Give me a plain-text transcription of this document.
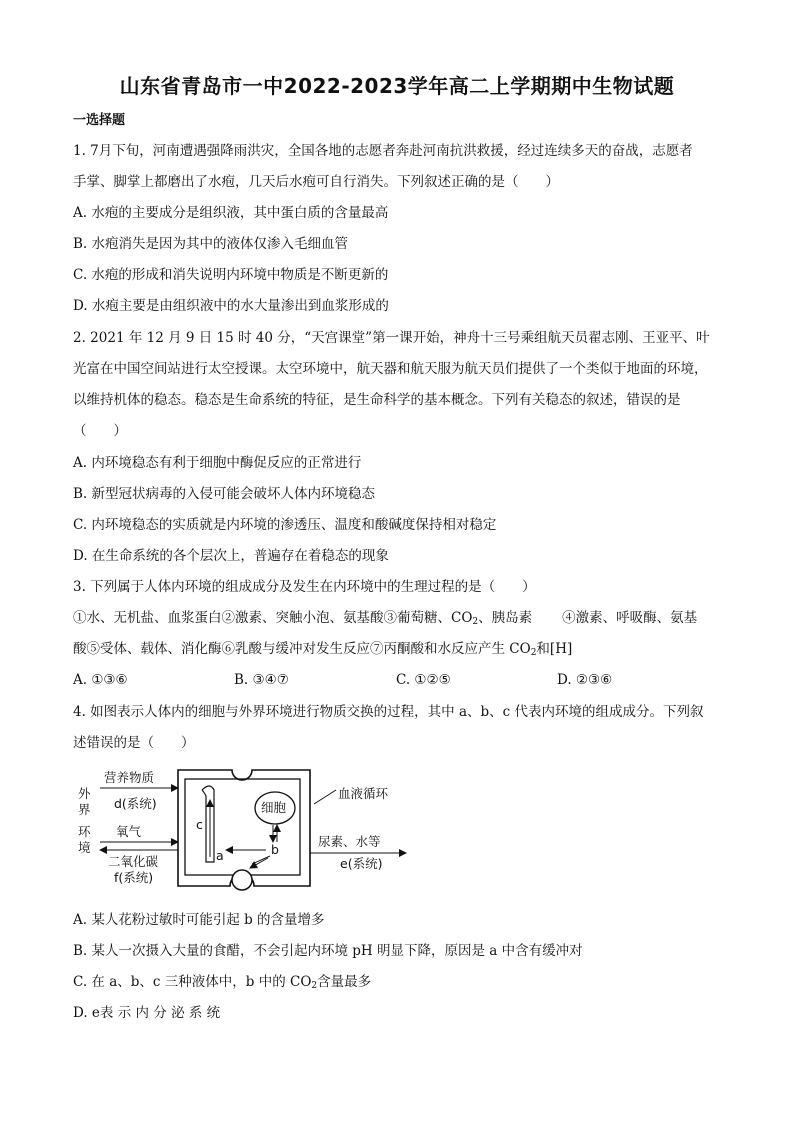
山东省青岛市一中2022-2023学年高二上学期期中生物试题
一选择题
1. 7月下旬，河南遭遇强降雨洪灾，全国各地的志愿者奔赴河南抗洪救援，经过连续多天的奋战，志愿者
手掌、脚掌上都磨出了水疱，几天后水疱可自行消失。下列叙述正确的是（　　）
A. 水疱的主要成分是组织液，其中蛋白质的含量最高
B. 水疱消失是因为其中的液体仅渗入毛细血管
C. 水疱的形成和消失说明内环境中物质是不断更新的
D. 水疱主要是由组织液中的水大量渗出到血浆形成的
2. 2021 年 12 月 9 日 15 时 40 分，“天宫课堂”第一课开始，神舟十三号乘组航天员翟志刚、王亚平、叶
光富在中国空间站进行太空授课。太空环境中，航天器和航天服为航天员们提供了一个类似于地面的环境，
以维持机体的稳态。稳态是生命系统的特征，是生命科学的基本概念。下列有关稳态的叙述，错误的是
（　　）
A. 内环境稳态有利于细胞中酶促反应的正常进行
B. 新型冠状病毒的入侵可能会破坏人体内环境稳态
C. 内环境稳态的实质就是内环境的渗透压、温度和酸碱度保持相对稳定
D. 在生命系统的各个层次上，普遍存在着稳态的现象
3. 下列属于人体内环境的组成成分及发生在内环境中的生理过程的是（　　）
①水、无机盐、血浆蛋白②激素、突触小泡、氨基酸③葡萄糖、$CO_2$、胰岛素 ④激素、呼吸酶、氨基
酸⑤受体、载体、消化酶⑥乳酸与缓冲对发生反应⑦丙酮酸和水反应产生 $CO_2$和[H]
A. ①③⑥	B. ③④⑦	C. ①②⑤	D. ②③⑥
4. 如图表示人体内的细胞与外界环境进行物质交换的过程，其中 a、b、c 代表内环境的组成成分。下列叙
述错误的是（　　）
细胞
b
a
c
外
界
环
境
营养物质
d(系统)
氧气
二氧化碳
f(系统)
血液循环
尿素、水等
e(系统)
A. 某人花粉过敏时可能引起 b 的含量增多
B. 某人一次摄入大量的食醋，不会引起内环境 pH 明显下降，原因是 a 中含有缓冲对
C. 在 a、b、c 三种液体中，b 中的 $CO_2$含量最多
D. e表 示 内 分 泌 系 统
